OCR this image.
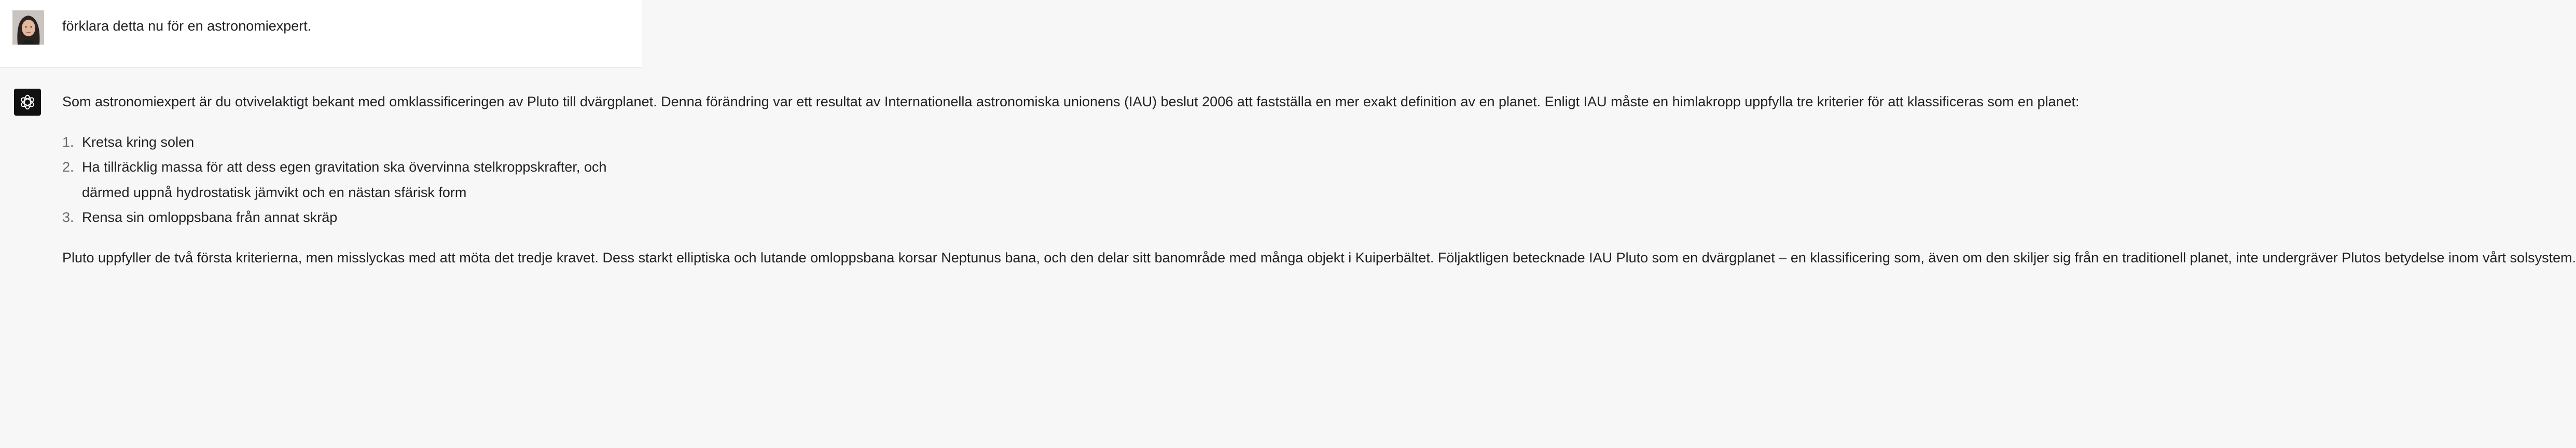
förklara detta nu för en astronomiexpert.

Som astronomiexpert är du otvivelaktigt bekant med omklassificeringen av Pluto till dvärgplanet. Denna förändring var ett resultat av Internationella astronomiska unionens (IAU) beslut 2006 att fastställa en mer exakt definition av en planet. Enligt IAU måste en himlakropp uppfylla tre kriterier för att klassificeras som en planet:

1. Kretsa kring solen
2. Ha tillräcklig massa för att dess egen gravitation ska övervinna stelkroppskrafter, och
därmed uppnå hydrostatisk jämvikt och en nästan sfärisk form
3. Rensa sin omloppsbana från annat skräp

Pluto uppfyller de två första kriterierna, men misslyckas med att möta det tredje kravet. Dess starkt elliptiska och lutande omloppsbana korsar Neptunus bana, och den delar sitt banområde med många objekt i Kuiperbältet. Följaktligen betecknade IAU Pluto som en dvärgplanet – en klassificering som, även om den skiljer sig från en traditionell planet, inte undergräver Plutos betydelse inom vårt solsystem.
